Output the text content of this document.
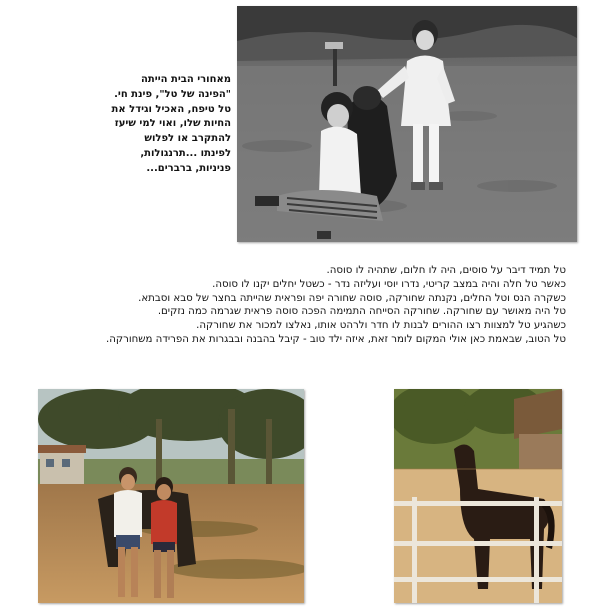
מאחורי הבית הייתה
"הפינה של טל", פינת חי.
טל טיפח, האכיל וגידל את
החיות שלו, ואוי למי שיעז
להתקרב או לפלוש
לפינתו ...תרנגולות,
פניניות, ברברים...
טל תמיד דיבר על סוסים, היה לו חלום, שתהיה לו סוסה.
כאשר טל חלה והיה במצב קריטי, נדרו יוסי ועליזה נדר - כשטל יחלים יקנו לו סוסה.
כשקרה הנס וטל החלים, נקנתה שחורקה, סוסה שחורה יפה ופראית שהייתה בחצר של סבא וסבתא.
טל היה מאושר עם שחורקה. שחורקה הסייחה התמימה הפכה סוסה פראית שגרמה כמה נזקים.
כשהגיע טל למצוות רצו ההורים לבנות לו חדר ולרהט אותו, נאלצו למכור את שחורקה.
טל הטוב, שבאמת כאן אולי המקום לומר זאת, איזה ילד טוב - קיבל בהבנה ובבגרות את הפרידה משחורקה.
